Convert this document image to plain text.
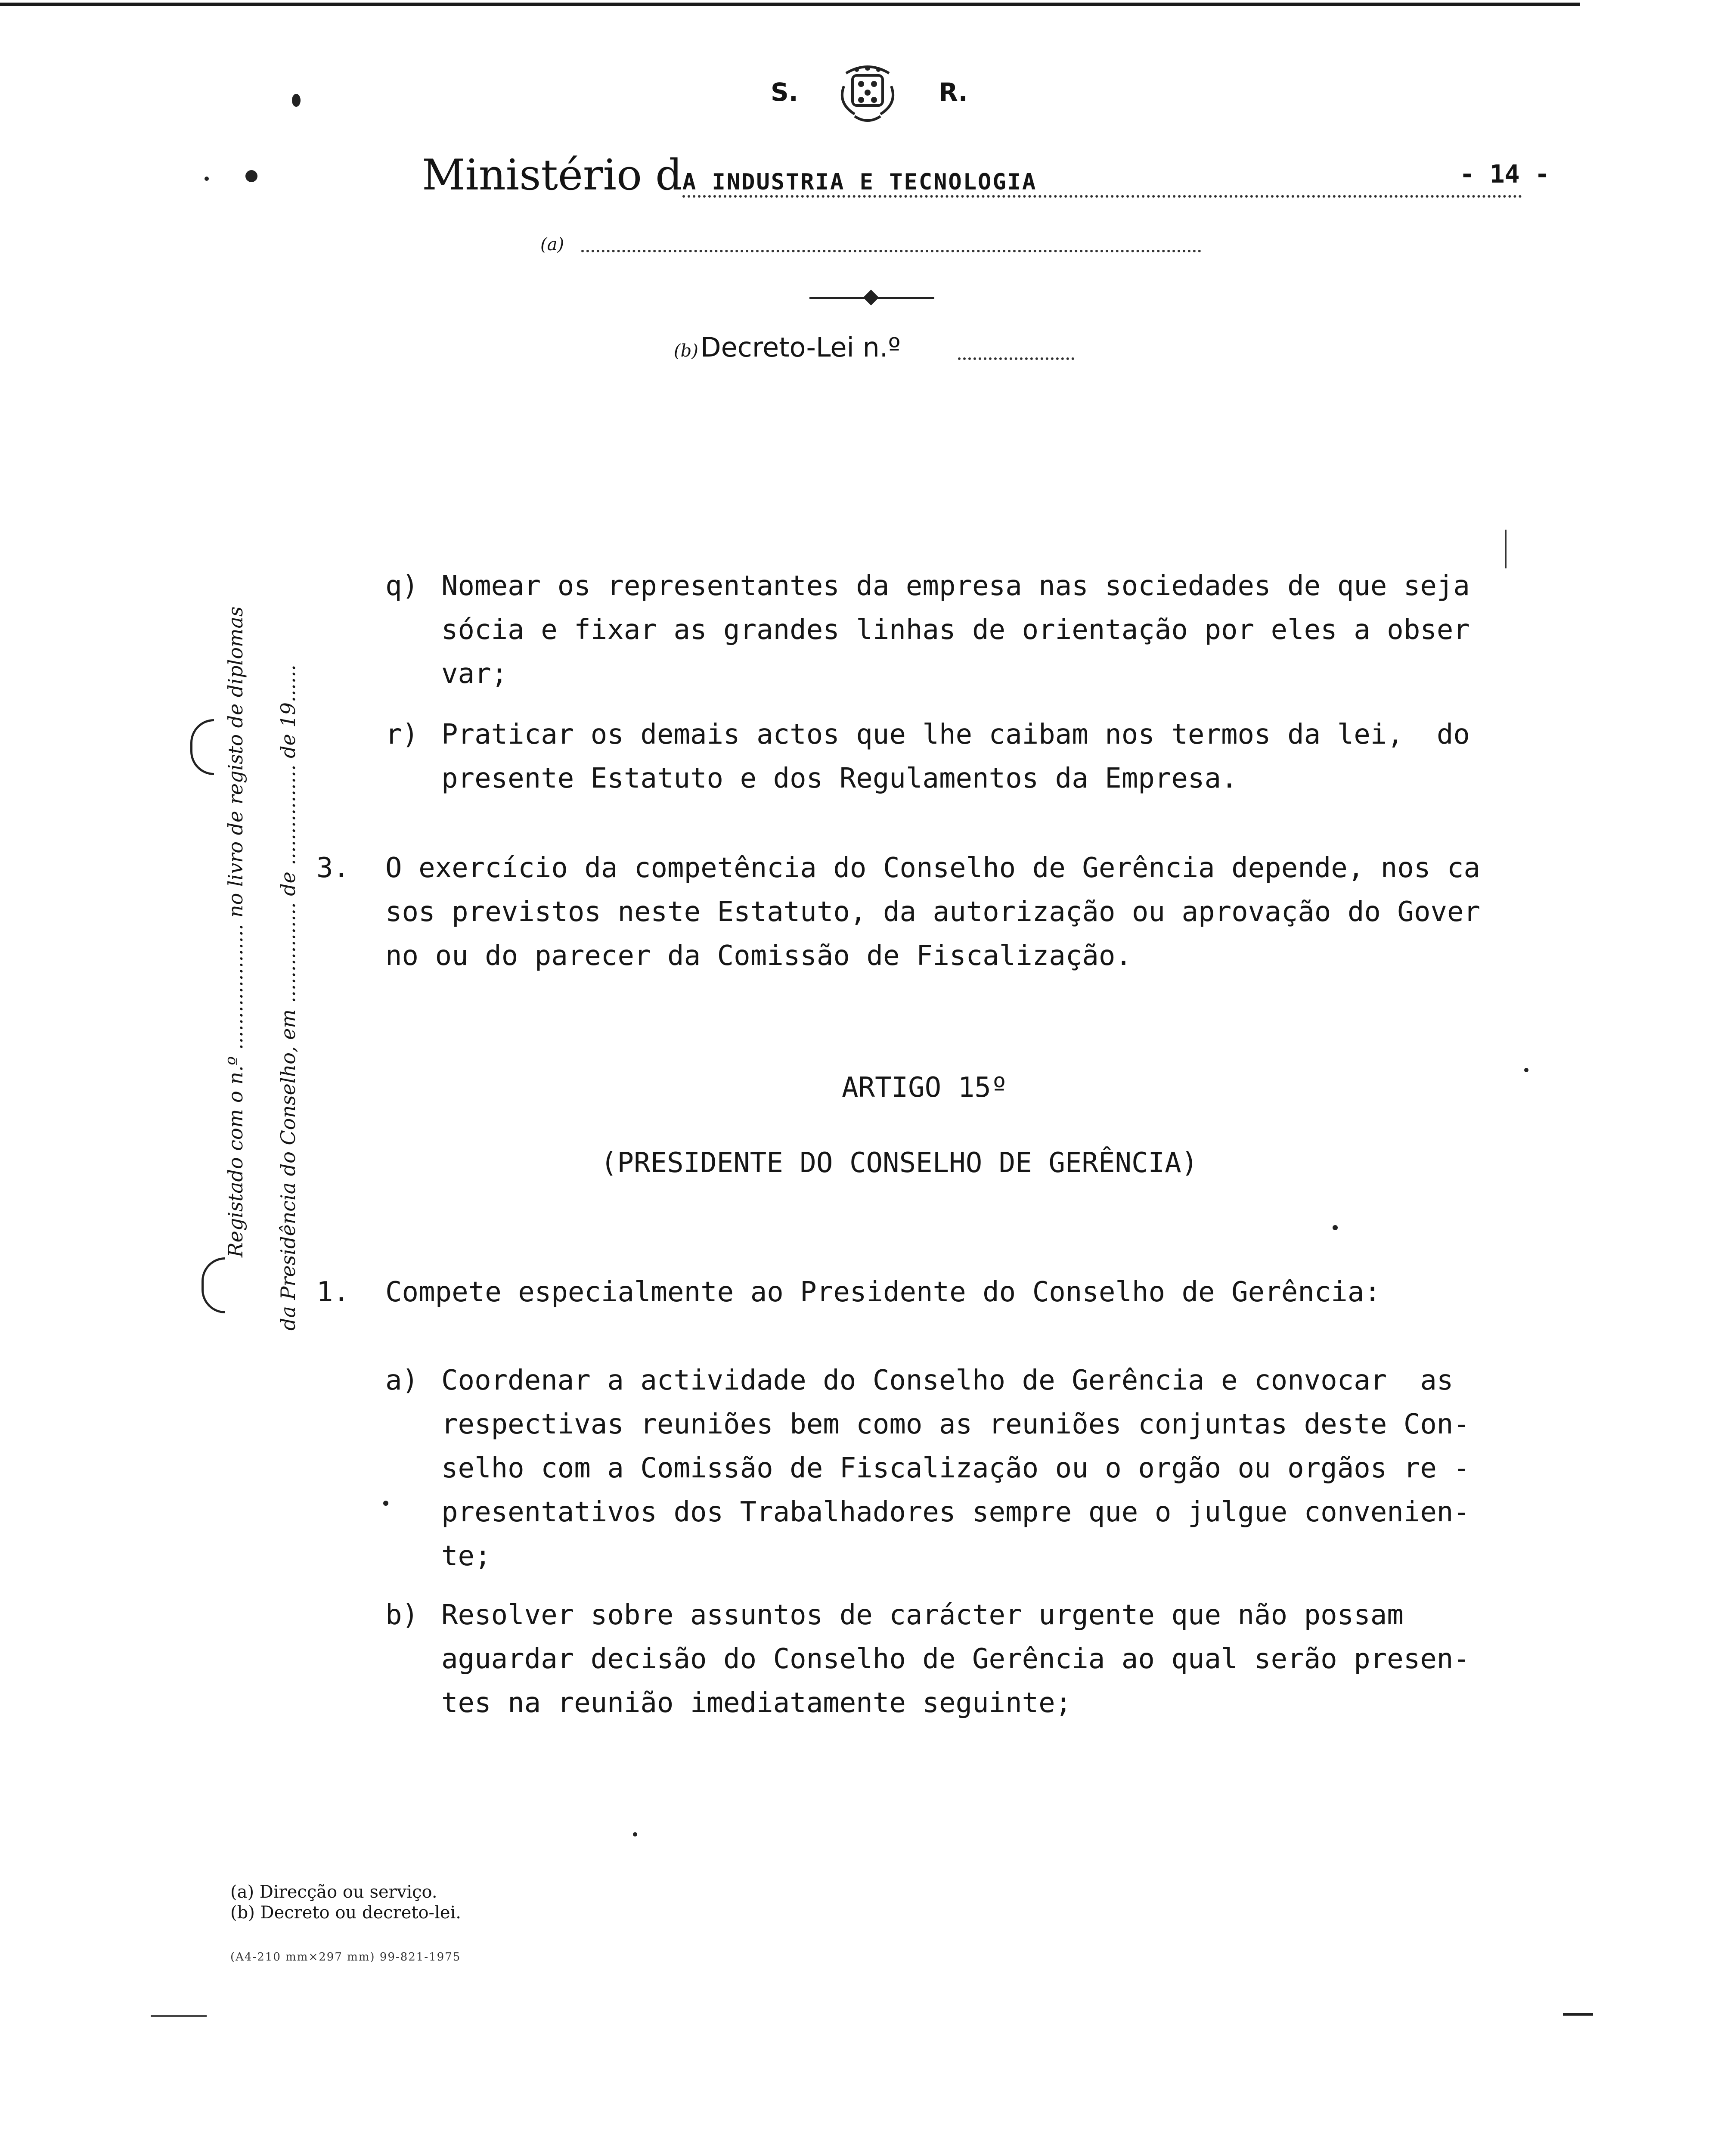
S.	R.
Ministério dA INDUSTRIA E TECNOLOGIA	- 14 -
(a)
(b) Decreto-Lei n.º
Registado com o n.º .................... no livro de registo de diplomas da Presidência do Conselho, em ................ de ................ de 19......
q) Nomear os representantes da empresa nas sociedades de que seja
sócia e fixar as grandes linhas de orientação por eles a obser
var;
r) Praticar os demais actos que lhe caibam nos termos da lei,  do
presente Estatuto e dos Regulamentos da Empresa.
3. O exercício da competência do Conselho de Gerência depende, nos ca
sos previstos neste Estatuto, da autorização ou aprovação do Gover
no ou do parecer da Comissão de Fiscalização.
ARTIGO 15º
(PRESIDENTE DO CONSELHO DE GERÊNCIA)
1. Compete especialmente ao Presidente do Conselho de Gerência:
a) Coordenar a actividade do Conselho de Gerência e convocar  as
respectivas reuniões bem como as reuniões conjuntas deste Con-
selho com a Comissão de Fiscalização ou o orgão ou orgãos re -
presentativos dos Trabalhadores sempre que o julgue convenien-
te;
b) Resolver sobre assuntos de carácter urgente que não possam
aguardar decisão do Conselho de Gerência ao qual serão presen-
tes na reunião imediatamente seguinte;
(a) Direcção ou serviço.
(b) Decreto ou decreto-lei.
(A4-210 mm×297 mm) 99-821-1975
